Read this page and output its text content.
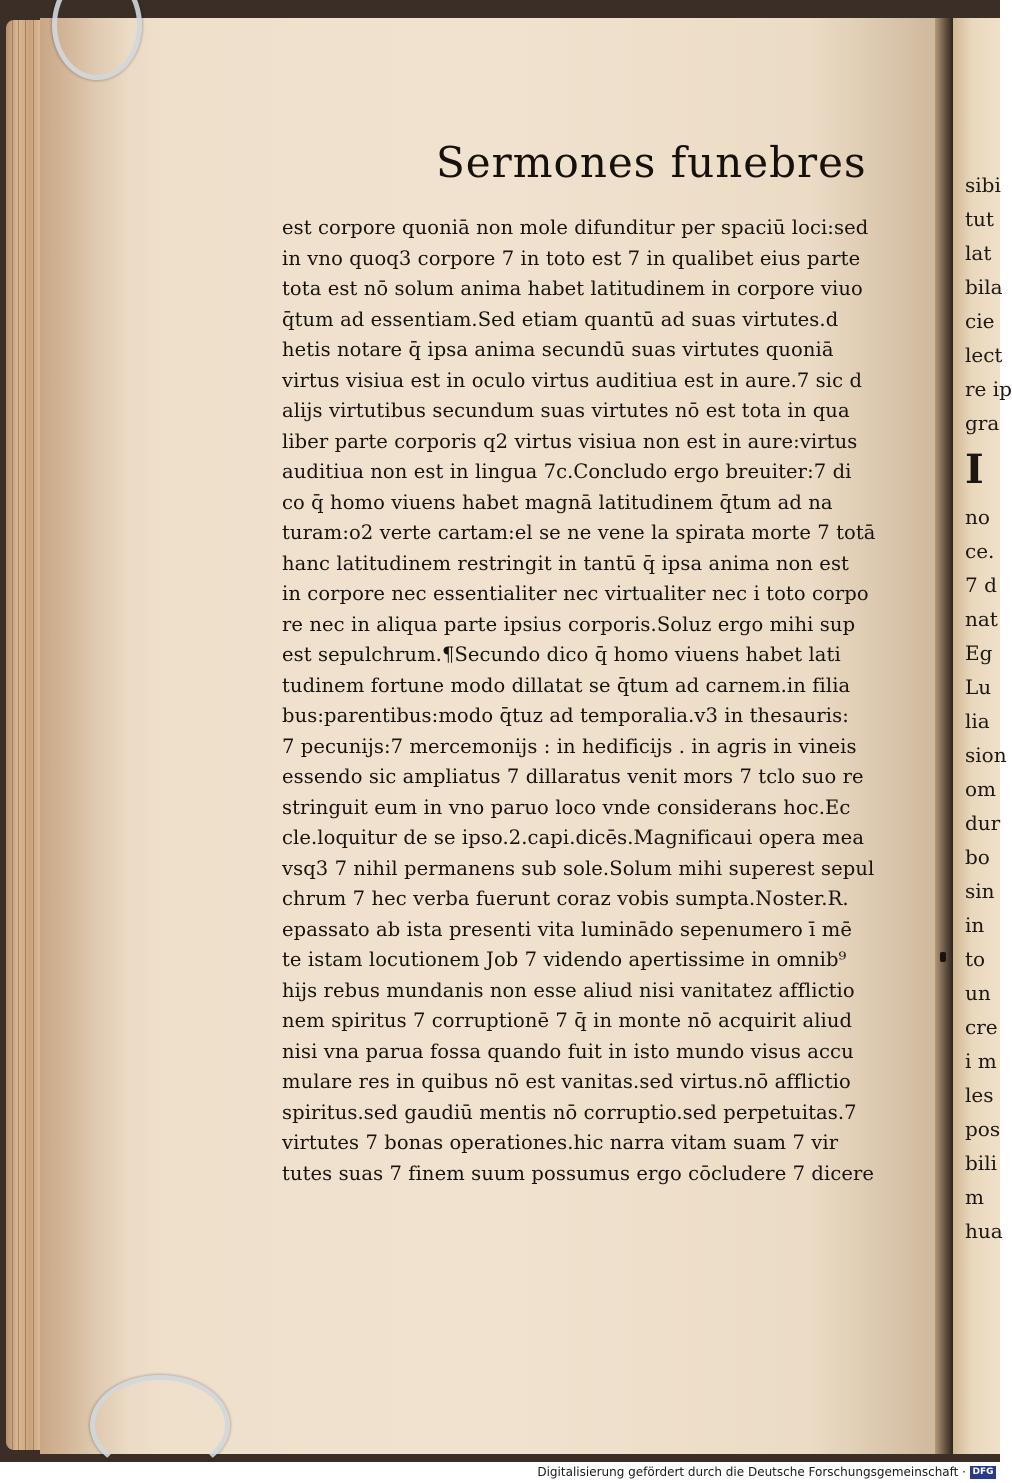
sibi
tut
lat
bila
cie
lect
re ip
gra
I
no
ce.
7 d
nat
Eg
Lu
lia
sion
om
dur
bo
sin
in
to
un
cre
i m
les
pos
bili
m
hua
Sermones funebres
est corpore quoniā non mole difunditur per spaciū loci:sed
in vno quoq3 corpore 7 in toto est 7 in qualibet eius parte
tota est nō solum anima habet latitudinem in corpore viuo
q̄tum ad essentiam.Sed etiam quantū ad suas virtutes.d
hetis notare q̄ ipsa anima secundū suas virtutes quoniā
virtus visiua est in oculo virtus auditiua est in aure.7 sic d
alijs virtutibus secundum suas virtutes nō est tota in qua
liber parte corporis q2 virtus visiua non est in aure:virtus
auditiua non est in lingua 7c.Concludo ergo breuiter:7 di
co q̄ homo viuens habet magnā latitudinem q̄tum ad na
turam:o2 verte cartam:el se ne vene la spirata morte 7 totā
hanc latitudinem restringit in tantū q̄ ipsa anima non est
in corpore nec essentialiter nec virtualiter nec i toto corpo
re nec in aliqua parte ipsius corporis.Soluz ergo mihi sup
est sepulchrum.¶Secundo dico q̄ homo viuens habet lati
tudinem fortune modo dillatat se q̄tum ad carnem.in filia
bus:parentibus:modo q̄tuz ad temporalia.v3 in thesauris:
7 pecunijs:7 mercemonijs : in hedificijs . in agris in vineis
essendo sic ampliatus 7 dillaratus venit mors 7 tclo suo re
stringuit eum in vno paruo loco vnde considerans hoc.Ec
cle.loquitur de se ipso.2.capi.dicēs.Magnificaui opera mea
vsq3 7 nihil permanens sub sole.Solum mihi superest sepul
chrum 7 hec verba fuerunt coraz vobis sumpta.Noster.R.
epassato ab ista presenti vita luminādo sepenumero ī mē
te istam locutionem Job 7 videndo apertissime in omnib⁹
hijs rebus mundanis non esse aliud nisi vanitatez afflictio
nem spiritus 7 corruptionē 7 q̄ in monte nō acquirit aliud
nisi vna parua fossa quando fuit in isto mundo visus accu
mulare res in quibus nō est vanitas.sed virtus.nō afflictio
spiritus.sed gaudiū mentis nō corruptio.sed perpetuitas.7
virtutes 7 bonas operationes.hic narra vitam suam 7 vir
tutes suas 7 finem suum possumus ergo cōcludere 7 dicere
Digitalisierung gefördert durch die Deutsche Forschungsgemeinschaft · DFG
